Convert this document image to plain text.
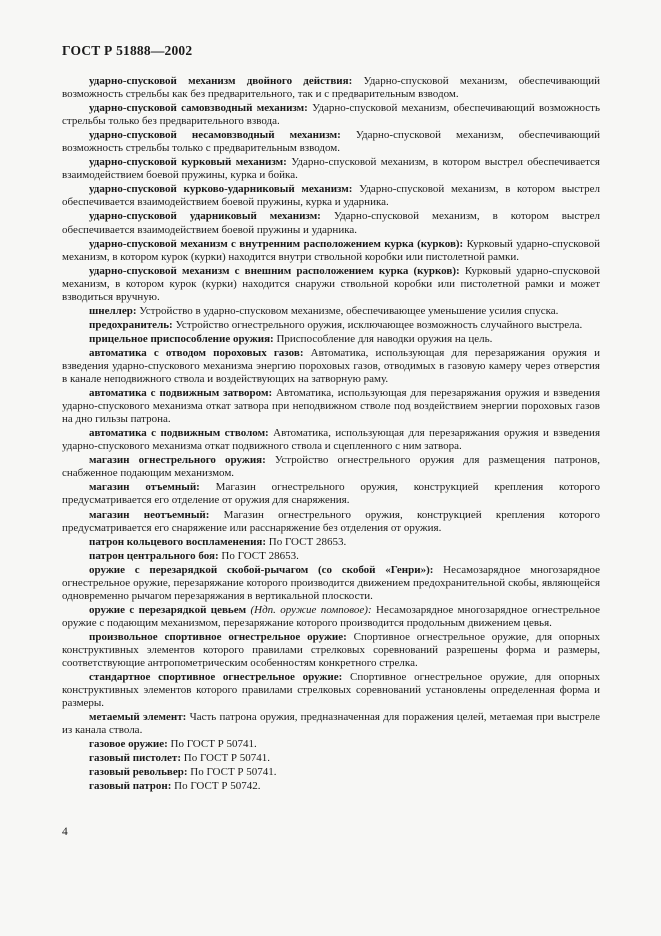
ГОСТ Р 51888—2002

ударно-спусковой механизм двойного действия: Ударно-спусковой механизм, обеспечивающий возможность стрельбы как без предварительного, так и с предварительным взводом.

ударно-спусковой самовзводный механизм: Ударно-спусковой механизм, обеспечивающий возможность стрельбы только без предварительного взвода.

ударно-спусковой несамовзводный механизм: Ударно-спусковой механизм, обеспечивающий возможность стрельбы только с предварительным взводом.

ударно-спусковой курковый механизм: Ударно-спусковой механизм, в котором выстрел обеспечивается взаимодействием боевой пружины, курка и бойка.

ударно-спусковой курково-ударниковый механизм: Ударно-спусковой механизм, в котором выстрел обеспечивается взаимодействием боевой пружины, курка и ударника.

ударно-спусковой ударниковый механизм: Ударно-спусковой механизм, в котором выстрел обеспечивается взаимодействием боевой пружины и ударника.

ударно-спусковой механизм с внутренним расположением курка (курков): Курковый ударно-спусковой механизм, в котором курок (курки) находится внутри ствольной коробки или пистолетной рамки.

ударно-спусковой механизм с внешним расположением курка (курков): Курковый ударно-спусковой механизм, в котором курок (курки) находится снаружи ствольной коробки или пистолетной рамки и может взводиться вручную.

шнеллер: Устройство в ударно-спусковом механизме, обеспечивающее уменьшение усилия спуска.

предохранитель: Устройство огнестрельного оружия, исключающее возможность случайного выстрела.

прицельное приспособление оружия: Приспособление для наводки оружия на цель.

автоматика с отводом пороховых газов: Автоматика, использующая для перезаряжания оружия и взведения ударно-спускового механизма энергию пороховых газов, отводимых в газовую камеру через отверстия в канале неподвижного ствола и воздействующих на затворную раму.

автоматика с подвижным затвором: Автоматика, использующая для перезаряжания оружия и взведения ударно-спускового механизма откат затвора при неподвижном стволе под воздействием энергии пороховых газов на дно гильзы патрона.

автоматика с подвижным стволом: Автоматика, использующая для перезаряжания оружия и взведения ударно-спускового механизма откат подвижного ствола и сцепленного с ним затвора.

магазин огнестрельного оружия: Устройство огнестрельного оружия для размещения патронов, снабженное подающим механизмом.

магазин отъемный: Магазин огнестрельного оружия, конструкцией крепления которого предусматривается его отделение от оружия для снаряжения.

магазин неотъемный: Магазин огнестрельного оружия, конструкцией крепления которого предусматривается его снаряжение или расснаряжение без отделения от оружия.

патрон кольцевого воспламенения: По ГОСТ 28653.

патрон центрального боя: По ГОСТ 28653.

оружие с перезарядкой скобой-рычагом (со скобой «Генри»): Несамозарядное многозарядное огнестрельное оружие, перезаряжание которого производится движением предохранительной скобы, являющейся одновременно рычагом перезаряжания в вертикальной плоскости.

оружие с перезарядкой цевьем (Ндп. оружие помповое): Несамозарядное многозарядное огнестрельное оружие с подающим механизмом, перезаряжание которого производится продольным движением цевья.

произвольное спортивное огнестрельное оружие: Спортивное огнестрельное оружие, для опорных конструктивных элементов которого правилами стрелковых соревнований разрешены форма и размеры, соответствующие антропометрическим особенностям конкретного стрелка.

стандартное спортивное огнестрельное оружие: Спортивное огнестрельное оружие, для опорных конструктивных элементов которого правилами стрелковых соревнований установлены определенная форма и размеры.

метаемый элемент: Часть патрона оружия, предназначенная для поражения целей, метаемая при выстреле из канала ствола.

газовое оружие: По ГОСТ Р 50741.

газовый пистолет: По ГОСТ Р 50741.

газовый револьвер: По ГОСТ Р 50741.

газовый патрон: По ГОСТ Р 50742.

4
